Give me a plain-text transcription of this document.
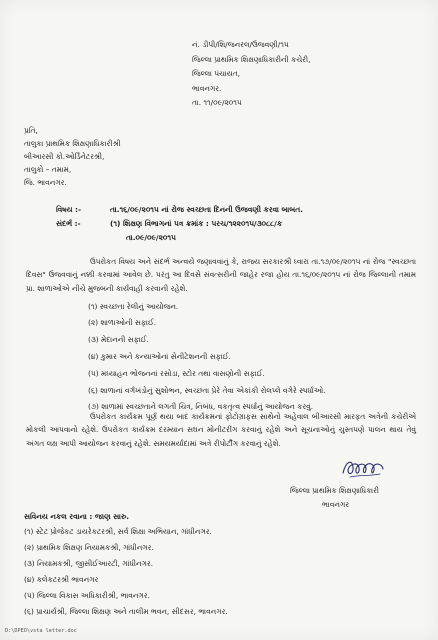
નં. ડીપી/શિ/જનરલ/ઉજવણી/૧૫
જિલ્લા પ્રાથમિક શિક્ષણાધિકારીની કચેરી,
જિલ્લા પંચાયત,
ભાવનગર.
તા. ૧૧/૦૯/૨૦૧૫
પ્રતિ,
તાલુકા પ્રાથમિક શિક્ષણાધિકારીશ્રી
બીઆરસી કો.ઓર્ડિનેટરશ્રી,
તાલુકો – તમામ,
જિ. ભાવનગર.
વિષય :-	તા.૧૬/૦૯/૨૦૧૫ નાં રોજ સ્વચ્છતા દિનની ઉજવણી કરવા બાબત.
સંદર્ભ :-	(૧) શિક્ષણ વિભાગનાં પત્ર ક્રમાંક : પરચ/૧૨૨૦૧૫/૩૦૮૮/ક
તા.૦૯/૦૯/૨૦૧૫
ઉપરોકત વિષય અને સંદર્ભ અન્વયે જણાવવાનું કે, રાજય સરકારશ્રી ધ્વારા તા.૧૭/૦૯/૨૦૧૫ નાં રોજ "સ્વચ્છતા દિવસ" ઉજવવાનું નક્કી કરવામાં આવેલ છે. પરંતુ આ દિવસે સંવત્સરીની જાહેર રજા હોય તા.૧૬/૦૯/૨૦૧૫ નાં રોજ જિલ્લાની તમામ પ્રા. શાળાઓએ નીચે મુજબની કાર્યવાહી કરવાની રહેશે.
(૧) સ્વચ્છતા રેલીનું આયોજન.
(૨) શાળાઓની સફાઈ.
(૩) મેદાનની સફાઈ.
(૪) કુમાર અને કન્યાઓનાં સેનીટેશનની સફાઈ.
(૫) મધ્યાહન ભોજનનાં રસોડા, સ્ટોર તથા વાસણોની સફાઈ.
(૬) શાળાનાં વર્ગખંડોનું સુશોભન, સ્વચ્છતા પ્રેરે તેવા એકાંકી રોલપ્લે વગેરે સ્પર્ધાઓ.
(૭) શાળામાં સ્વચ્છતાને લગતી ચિત્ર, નિબંધ, વકતૃત્વ સ્પર્ધાનું આયોજન કરવું.
ઉપરોકત કાર્યક્રમ પૂર્ણ થયા બાદ કાર્યક્રમનાં ફોટોગ્રાફસ સાથેનો અહેવાલ બીઆરસી મારફત અત્રેની કચેરીએ મોકલી આપવાનો રહેશે. ઉપરોકત કાર્યક્રમ દરમ્યાન સઘન મોનીટરીંગ કરવાનું રહેશે અને સૂચનાઓનું ચુસ્તપણે પાલન થાય તેવું અંગત લક્ષ આપી આયોજન કરવાનું રહેશે. સમયમર્યાદામાં અત્રે રીપોર્ટીંગ કરવાનું રહેશે.
જિલ્લા પ્રાથમિક શિક્ષણાધિકારી
ભાવનગર
સવિનય નકલ રવાના : જાણ સારુ.
(૧) સ્ટેટ પ્રોજેકટ ડાયરેકટરશ્રી, સર્વ શિક્ષા અભિયાન, ગાંધીનગર.
(૨) પ્રાથમિક શિક્ષણ નિયામકશ્રી, ગાંધીનગર.
(૩) નિયામકશ્રી, જીસીઈઆરટી, ગાંધીનગર.
(૪) કલેકટરશ્રી ભાવનગર
(૫) જિલ્લા વિકાસ અધિકારીશ્રી, ભાવનગર.
(૬) પ્રાચાર્યશ્રી, જિલ્લા શિક્ષણ અને તાલીમ ભવન, સીદસર, ભાવનગર.
D:\DPEO\vsta letter.doc
